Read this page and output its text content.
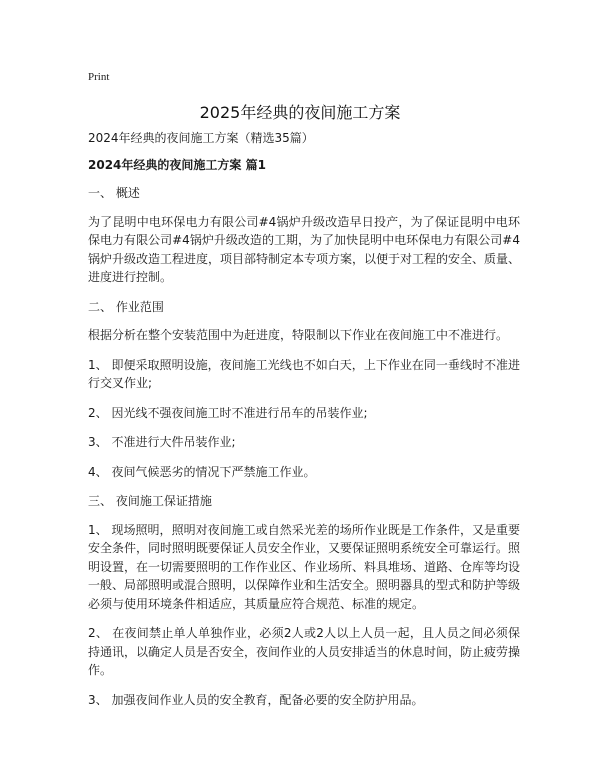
Print
2025年经典的夜间施工方案

2024年经典的夜间施工方案（精选35篇）

2024年经典的夜间施工方案 篇1

一、 概述

为了昆明中电环保电力有限公司#4锅炉升级改造早日投产，为了保证昆明中电环保电力有限公司#4锅炉升级改造的工期，为了加快昆明中电环保电力有限公司#4锅炉升级改造工程进度，项目部特制定本专项方案，以便于对工程的安全、质量、进度进行控制。

二、 作业范围

根据分析在整个安装范围中为赶进度，特限制以下作业在夜间施工中不准进行。

1、 即便采取照明设施，夜间施工光线也不如白天，上下作业在同一垂线时不准进行交叉作业;

2、 因光线不强夜间施工时不准进行吊车的吊装作业;

3、 不准进行大件吊装作业;

4、 夜间气候恶劣的情况下严禁施工作业。

三、 夜间施工保证措施

1、 现场照明，照明对夜间施工或自然采光差的场所作业既是工作条件，又是重要安全条件，同时照明既要保证人员安全作业，又要保证照明系统安全可靠运行。照明设置，在一切需要照明的工作作业区、作业场所、料具堆场、道路、仓库等均设一般、局部照明或混合照明，以保障作业和生活安全。照明器具的型式和防护等级必须与使用环境条件相适应，其质量应符合规范、标准的规定。

2、 在夜间禁止单人单独作业，必须2人或2人以上人员一起，且人员之间必须保持通讯，以确定人员是否安全，夜间作业的人员安排适当的休息时间，防止疲劳操作。

3、 加强夜间作业人员的安全教育，配备必要的安全防护用品。
